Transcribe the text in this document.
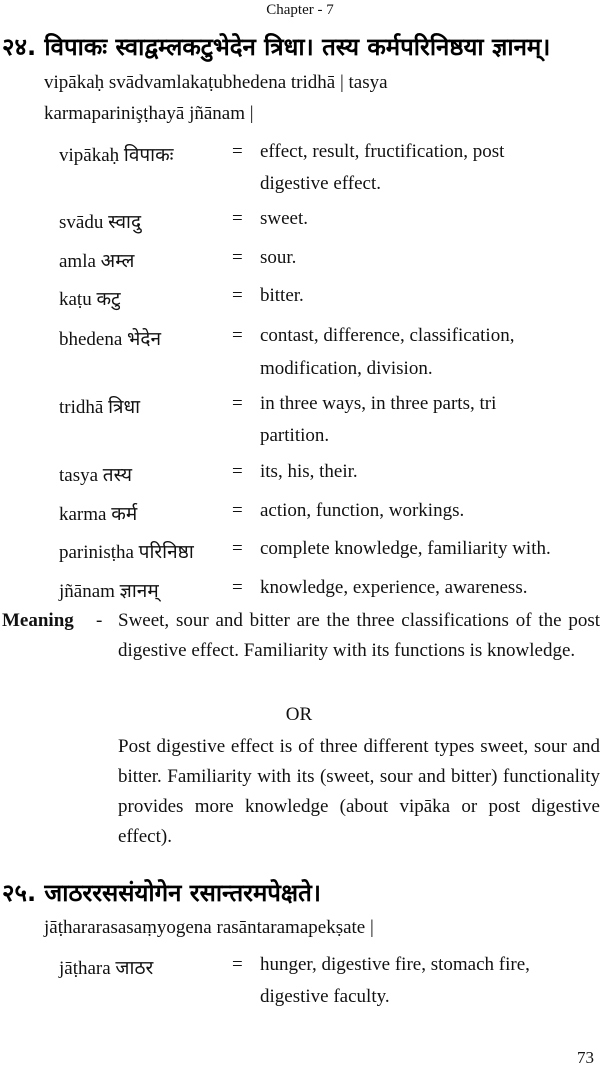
Chapter - 7
२४. विपाकः स्वाद्वम्लकटुभेदेन त्रिधा। तस्य कर्मपरिनिष्ठया ज्ञानम्।
vipākaḥ svādvamlakaṭubhedena tridhā | tasya
karmaparinişṭhayā jñānam |
vipākaḥ विपाकः	= effect, result, fructification, post
digestive effect.
svādu स्वादु	= sweet.
amla अम्ल	= sour.
kaṭu कटु	= bitter.
bhedena भेदेन	= contast, difference, classification,
modification, division.
tridhā त्रिधा	= in three ways, in three parts, tri
partition.
tasya तस्य	= its, his, their.
karma कर्म	= action, function, workings.
parinisṭha परिनिष्ठा = complete knowledge, familiarity with.
jñānam ज्ञानम्	= knowledge, experience, awareness.
Meaning - Sweet, sour and bitter are the three classifications of the post digestive effect. Familiarity with its functions is knowledge.

OR

Post digestive effect is of three different types sweet, sour and bitter. Familiarity with its (sweet, sour and bitter) functionality provides more knowledge (about vipāka or post digestive effect).

२५. जाठररससंयोगेन रसान्तरमपेक्षते।
jāṭhararasasaṃyogena rasāntaramapekṣate |
jāṭhara जाठर	= hunger, digestive fire, stomach fire,
digestive faculty.
73
